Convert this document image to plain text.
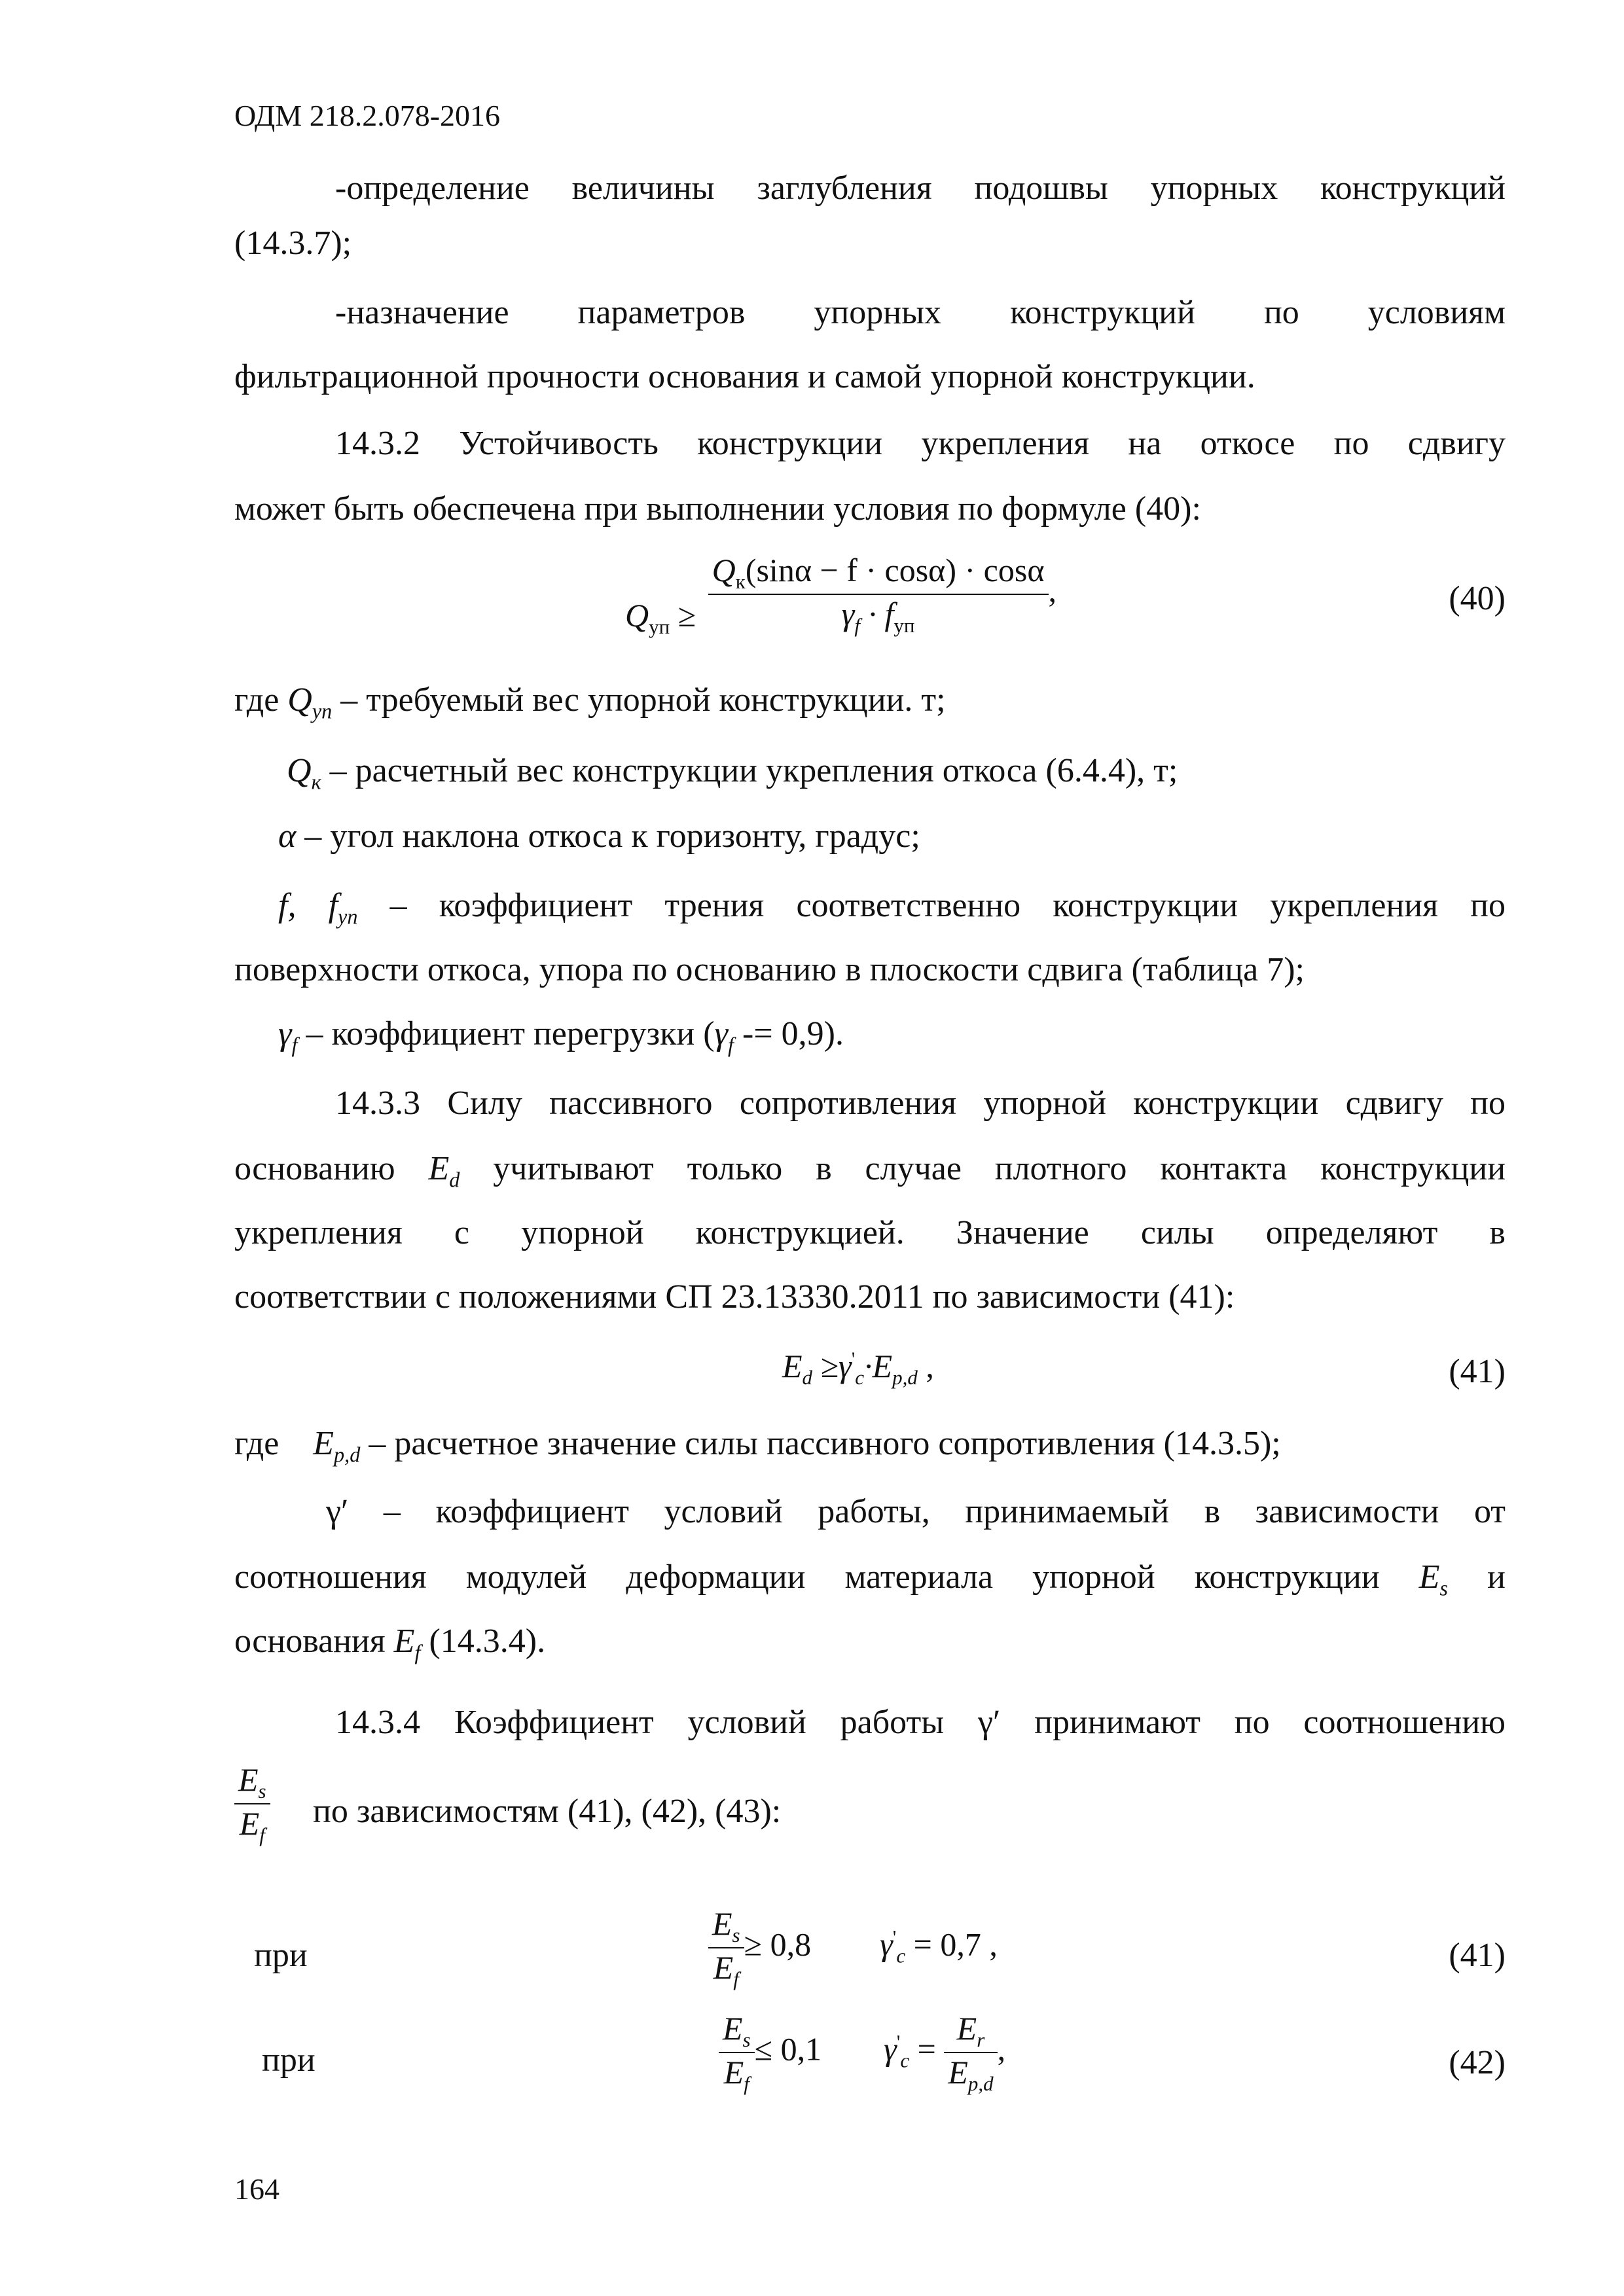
ОДМ 218.2.078-2016
-определение величины заглубления подошвы упорных конструкций
(14.3.7);
-назначение параметров упорных конструкций по условиям
фильтрационной прочности основания и самой упорной конструкции.
14.3.2 Устойчивость конструкции укрепления на откосе по сдвигу
может быть обеспечена при выполнении условия по формуле (40):
$Q_{уп} \ge \frac{Q_к(\sin\alpha - f \cdot \cos\alpha) \cdot \cos\alpha}{\gamma_f \cdot f_{уп}}$ ,	(40)
где $Q_{уп}$ – требуемый вес упорной конструкции. т;
$Q_к$ – расчетный вес конструкции укрепления откоса (6.4.4), т;
α – угол наклона откоса к горизонту, градус;
f, $f_{уп}$ – коэффициент трения соответственно конструкции укрепления по
поверхности откоса, упора по основанию в плоскости сдвига (таблица 7);
$\gamma_f$ – коэффициент перегрузки $(\gamma_f -= 0,9)$.
14.3.3 Силу пассивного сопротивления упорной конструкции сдвигу по
основанию $E_d$ учитывают только в случае плотного контакта конструкции
укрепления с упорной конструкцией. Значение силы определяют в
соответствии с положениями СП 23.13330.2011 по зависимости (41):
$E_d \ge\gamma'_c\cdot E_{p,d}$ ,	(41)
где $E_{p,d}$ – расчетное значение силы пассивного сопротивления (14.3.5);
γ′ – коэффициент условий работы, принимаемый в зависимости от
соотношения модулей деформации материала упорной конструкции $E_s$ и
основания $E_f$ (14.3.4).
14.3.4 Коэффициент условий работы γ′ принимают по соотношению
$\frac{E_s}{E_f}$ по зависимостям (41), (42), (43):
при	$\frac{E_s}{E_f} \ge 0,8$ $\gamma'_c = 0,7$ ,	(41)
при	$\frac{E_s}{E_f} \le 0,1$ $\gamma'_c = \frac{E_r}{E_{p,d}}$ ,	(42)
164
